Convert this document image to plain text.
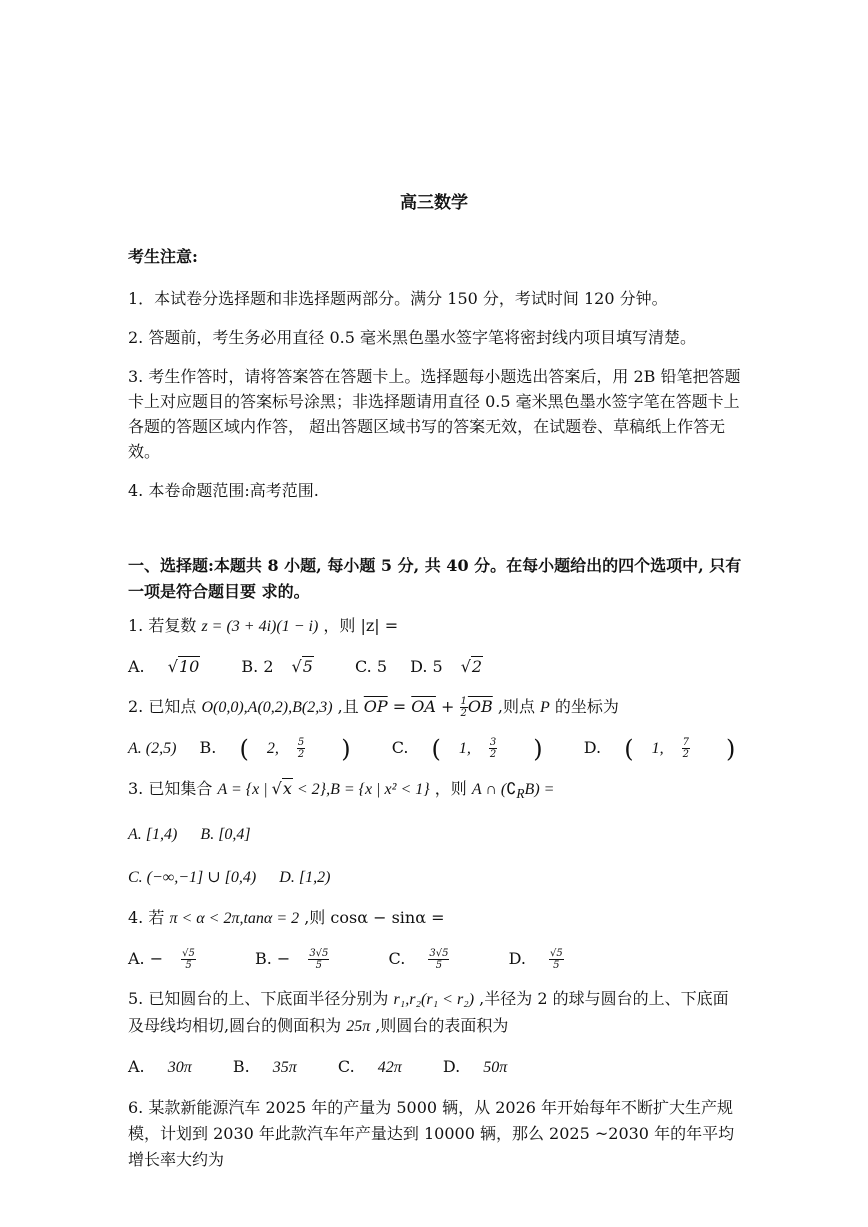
高三数学
考生注意:

1．本试卷分选择题和非选择题两部分。满分 150 分，考试时间 120 分钟。

2. 答题前，考生务必用直径 0.5 毫米黑色墨水签字笔将密封线内项目填写清楚。

3. 考生作答时，请将答案答在答题卡上。选择题每小题选出答案后，用 2B 铅笔把答题卡上对应题目的答案标号涂黑；非选择题请用直径 0.5 毫米黑色墨水签字笔在答题卡上各题的答题区域内作答， 超出答题区域书写的答案无效，在试题卷、草稿纸上作答无效。

4. 本卷命题范围:高考范围.

一、选择题:本题共 8 小题, 每小题 5 分, 共 40 分。在每小题给出的四个选项中, 只有一项是符合题目要 求的。
1. 若复数 z = (3 + 4i)(1 − i) ，则 |z| =
A. √10	B. 2 √5	C. 5 D. 5 √2
2. 已知点 O(0,0),A(0,2),B(2,3) ,且 $\overline{OP} = \overline{OA} + \frac{1}{2} \overline{OB}$ ,则点 P 的坐标为
A. (2,5) B. ( 2, $\frac{5}{2}$ )	C. ( 1, $\frac{3}{2}$ )	D. ( 1, $\frac{7}{2}$ )
3. 已知集合 A = {x | √x < 2},B = {x | x² < 1} ，则 A ∩ $(∁_RB)$ =
A. [1,4) B. [0,4]
C. (−∞,−1] ∪ [0,4) D. [1,2)
4. 若 π < α < 2π,tanα = 2 ,则 cosα − sinα =
A. − $\frac{√5}{5}$	B. − $\frac{3√5}{5}$	C. $\frac{3√5}{5}$	D. $\frac{√5}{5}$
5. 已知圆台的上、下底面半径分别为 r₁,r₂(r₁ < r₂) ,半径为 2 的球与圆台的上、下底面及母线均相切,圆台的侧面积为 25π ,则圆台的表面积为
A. 30π	B. 35π	C. 42π	D. 50π
6. 某款新能源汽车 2025 年的产量为 5000 辆，从 2026 年开始每年不断扩大生产规模，计划到 2030 年此款汽车年产量达到 10000 辆，那么 2025 ~2030 年的年平均增长率大约为
